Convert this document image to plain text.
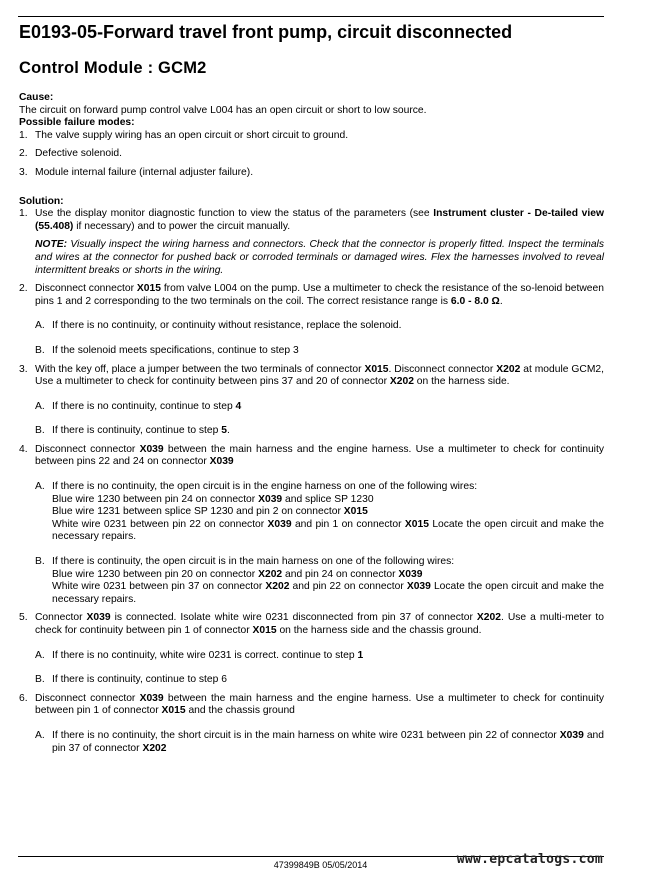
E0193-05-Forward travel front pump, circuit disconnected
Control Module : GCM2

Cause:

The circuit on forward pump control valve L004 has an open circuit or short to low source.

Possible failure modes:

1. The valve supply wiring has an open circuit or short circuit to ground.
2. Defective solenoid.
3. Module internal failure (internal adjuster failure).

Solution:

1. Use the display monitor diagnostic function to view the status of the parameters (see Instrument cluster - De-tailed view (55.408) if necessary) and to power the circuit manually.
NOTE: Visually inspect the wiring harness and connectors. Check that the connector is properly fitted. Inspect the terminals and wires at the connector for pushed back or corroded terminals or damaged wires. Flex the harnesses involved to reveal intermittent breaks or shorts in the wiring.
2. Disconnect connector X015 from valve L004 on the pump. Use a multimeter to check the resistance of the so-lenoid between pins 1 and 2 corresponding to the two terminals on the coil. The correct resistance range is 6.0 - 8.0 Ω.
A. If there is no continuity, or continuity without resistance, replace the solenoid.
B. If the solenoid meets specifications, continue to step 3
3. With the key off, place a jumper between the two terminals of connector X015. Disconnect connector X202 at module GCM2, Use a multimeter to check for continuity between pins 37 and 20 of connector X202 on the harness side.
A. If there is no continuity, continue to step 4
B. If there is continuity, continue to step 5.
4. Disconnect connector X039 between the main harness and the engine harness. Use a multimeter to check for continuity between pins 22 and 24 on connector X039
A. If there is no continuity, the open circuit is in the engine harness on one of the following wires:
Blue wire 1230 between pin 24 on connector X039 and splice SP 1230
Blue wire 1231 between splice SP 1230 and pin 2 on connector X015
White wire 0231 between pin 22 on connector X039 and pin 1 on connector X015 Locate the open circuit and make the necessary repairs.
B. If there is continuity, the open circuit is in the main harness on one of the following wires:
Blue wire 1230 between pin 20 on connector X202 and pin 24 on connector X039
White wire 0231 between pin 37 on connector X202 and pin 22 on connector X039 Locate the open circuit and make the necessary repairs.
5. Connector X039 is connected. Isolate white wire 0231 disconnected from pin 37 of connector X202. Use a multi-meter to check for continuity between pin 1 of connector X015 on the harness side and the chassis ground.
A. If there is no continuity, white wire 0231 is correct. continue to step 1
B. If there is continuity, continue to step 6
6. Disconnect connector X039 between the main harness and the engine harness. Use a multimeter to check for continuity between pin 1 of connector X015 and the chassis ground
A. If there is no continuity, the short circuit is in the main harness on white wire 0231 between pin 22 of connector X039 and pin 37 of connector X202
47399849B 05/05/2014	www.epcatalogs.com
